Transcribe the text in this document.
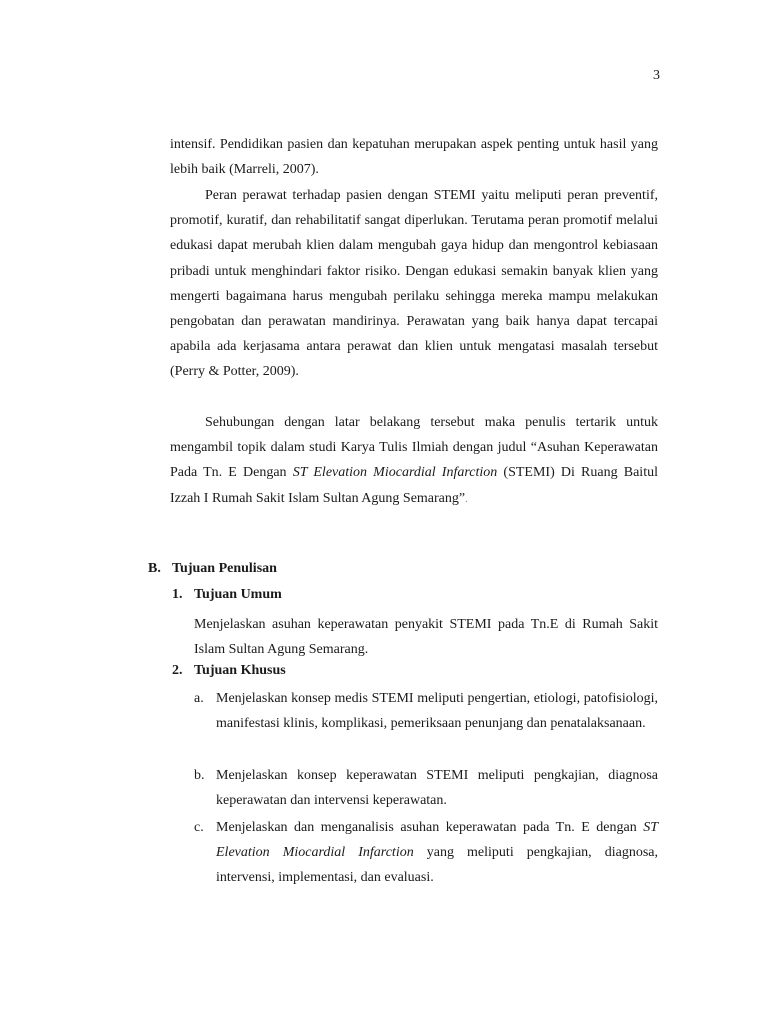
3

intensif. Pendidikan pasien dan kepatuhan merupakan aspek penting untuk hasil yang lebih baik (Marreli, 2007).

Peran perawat terhadap pasien dengan STEMI yaitu meliputi peran preventif, promotif, kuratif, dan rehabilitatif sangat diperlukan. Terutama peran promotif melalui edukasi dapat merubah klien dalam mengubah gaya hidup dan mengontrol kebiasaan pribadi untuk menghindari faktor risiko. Dengan edukasi semakin banyak klien yang mengerti bagaimana harus mengubah perilaku sehingga mereka mampu melakukan pengobatan dan perawatan mandirinya. Perawatan yang baik hanya dapat tercapai apabila ada kerjasama antara perawat dan klien untuk mengatasi masalah tersebut (Perry & Potter, 2009).

Sehubungan dengan latar belakang tersebut maka penulis tertarik untuk mengambil topik dalam studi Karya Tulis Ilmiah dengan judul “Asuhan Keperawatan Pada Tn. E Dengan ST Elevation Miocardial Infarction (STEMI) Di Ruang Baitul Izzah I Rumah Sakit Islam Sultan Agung Semarang”.

B. Tujuan Penulisan
1. Tujuan Umum

Menjelaskan asuhan keperawatan penyakit STEMI pada Tn.E di Rumah Sakit Islam Sultan Agung Semarang.

2. Tujuan Khusus
a. Menjelaskan konsep medis STEMI meliputi pengertian, etiologi, patofisiologi, manifestasi klinis, komplikasi, pemeriksaan penunjang dan penatalaksanaan.
b. Menjelaskan konsep keperawatan STEMI meliputi pengkajian, diagnosa keperawatan dan intervensi keperawatan.
c. Menjelaskan dan menganalisis asuhan keperawatan pada Tn. E dengan ST Elevation Miocardial Infarction yang meliputi pengkajian, diagnosa, intervensi, implementasi, dan evaluasi.
